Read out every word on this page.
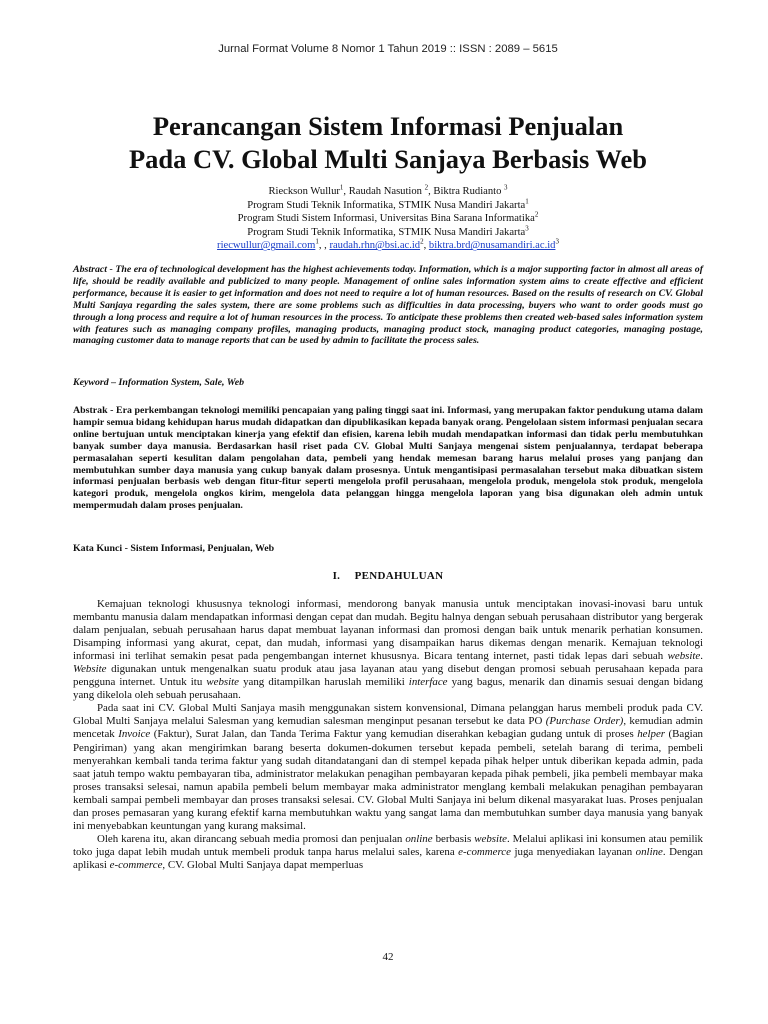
Jurnal Format Volume 8 Nomor 1 Tahun 2019 :: ISSN : 2089 – 5615
Perancangan Sistem Informasi Penjualan
Pada CV. Global Multi Sanjaya Berbasis Web
Rieckson Wullur$^1$, Raudah Nasution $^2$, Biktra Rudianto $^3$
Program Studi Teknik Informatika, STMIK Nusa Mandiri Jakarta$^1$
Program Studi Sistem Informasi, Universitas Bina Sarana Informatika$^2$
Program Studi Teknik Informatika, STMIK Nusa Mandiri Jakarta$^3$
riecwullur@gmail.com$^1$, , $raudah.rhn@bsi.ac.id^2$, $biktra.brd@nusamandiri.ac.id^3$

Abstract - The era of technological development has the highest achievements today. Information, which is a major supporting factor in almost all areas of life, should be readily available and publicized to many people. Management of online sales information system aims to create effective and efficient performance, because it is easier to get information and does not need to require a lot of human resources. Based on the results of research on CV. Global Multi Sanjaya regarding the sales system, there are some problems such as difficulties in data processing, buyers who want to order goods must go through a long process and require a lot of human resources in the process. To anticipate these problems then created web-based sales information system with features such as managing company profiles, managing products, managing product stock, managing product categories, managing postage, managing customer data to manage reports that can be used by admin to facilitate the process sales.

Keyword – Information System, Sale, Web

Abstrak - Era perkembangan teknologi memiliki pencapaian yang paling tinggi saat ini. Informasi, yang merupakan faktor pendukung utama dalam hampir semua bidang kehidupan harus mudah didapatkan dan dipublikasikan kepada banyak orang. Pengelolaan sistem informasi penjualan secara online bertujuan untuk menciptakan kinerja yang efektif dan efisien, karena lebih mudah mendapatkan informasi dan tidak perlu membutuhkan banyak sumber daya manusia. Berdasarkan hasil riset pada CV. Global Multi Sanjaya mengenai sistem penjualannya, terdapat beberapa permasalahan seperti kesulitan dalam pengolahan data, pembeli yang hendak memesan barang harus melalui proses yang panjang dan membutuhkan sumber daya manusia yang cukup banyak dalam prosesnya. Untuk mengantisipasi permasalahan tersebut maka dibuatkan sistem informasi penjualan berbasis web dengan fitur-fitur seperti mengelola profil perusahaan, mengelola produk, mengelola stok produk, mengelola kategori produk, mengelola ongkos kirim, mengelola data pelanggan hingga mengelola laporan yang bisa digunakan oleh admin untuk mempermudah dalam proses penjualan.

Kata Kunci - Sistem Informasi, Penjualan, Web

I. PENDAHULUAN

Kemajuan teknologi khususnya teknologi informasi, mendorong banyak manusia untuk menciptakan inovasi-inovasi baru untuk membantu manusia dalam mendapatkan informasi dengan cepat dan mudah. Begitu halnya dengan sebuah perusahaan distributor yang bergerak dalam penjualan, sebuah perusahaan harus dapat membuat layanan informasi dan promosi dengan baik untuk menarik perhatian konsumen. Disamping informasi yang akurat, cepat, dan mudah, informasi yang disampaikan harus dikemas dengan menarik. Kemajuan teknologi informasi ini terlihat semakin pesat pada pengembangan internet khususnya. Bicara tentang internet, pasti tidak lepas dari sebuah website. Website digunakan untuk mengenalkan suatu produk atau jasa layanan atau yang disebut dengan promosi sebuah perusahaan kepada para pengguna internet. Untuk itu website yang ditampilkan haruslah memiliki interface yang bagus, menarik dan dinamis sesuai dengan bidang yang dikelola oleh sebuah perusahaan.

Pada saat ini CV. Global Multi Sanjaya masih menggunakan sistem konvensional, Dimana pelanggan harus membeli produk pada CV. Global Multi Sanjaya melalui Salesman yang kemudian salesman menginput pesanan tersebut ke data PO (Purchase Order), kemudian admin mencetak Invoice (Faktur), Surat Jalan, dan Tanda Terima Faktur yang kemudian diserahkan kebagian gudang untuk di proses helper (Bagian Pengiriman) yang akan mengirimkan barang beserta dokumen-dokumen tersebut kepada pembeli, setelah barang di terima, pembeli menyerahkan kembali tanda terima faktur yang sudah ditandatangani dan di stempel kepada pihak helper untuk diberikan kepada admin, pada saat jatuh tempo waktu pembayaran tiba, administrator melakukan penagihan pembayaran kepada pihak pembeli, jika pembeli membayar maka proses transaksi selesai, namun apabila pembeli belum membayar maka administrator menglang kembali melakukan penagihan pembayaran kembali sampai pembeli membayar dan proses transaksi selesai. CV. Global Multi Sanjaya ini belum dikenal masyarakat luas. Proses penjualan dan proses pemasaran yang kurang efektif karna membutuhkan waktu yang sangat lama dan membutuhkan sumber daya manusia yang banyak ini menyebabkan keuntungan yang kurang maksimal.

Oleh karena itu, akan dirancang sebuah media promosi dan penjualan online berbasis website. Melalui aplikasi ini konsumen atau pemilik toko juga dapat lebih mudah untuk membeli produk tanpa harus melalui sales, karena e-commerce juga menyediakan layanan online. Dengan aplikasi e-commerce, CV. Global Multi Sanjaya dapat memperluas

42
